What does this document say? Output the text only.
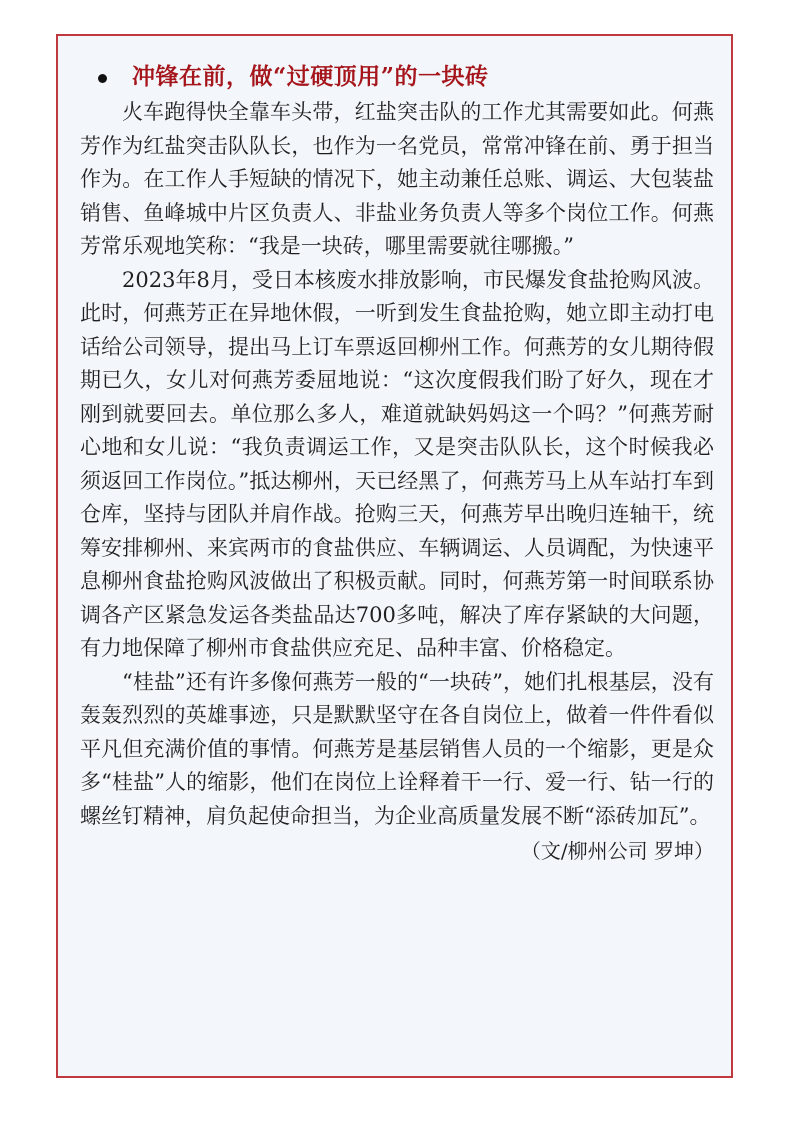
冲锋在前，做“过硬顶用”的一块砖

火车跑得快全靠车头带，红盐突击队的工作尤其需要如此。何燕芳作为红盐突击队队长，也作为一名党员，常常冲锋在前、勇于担当作为。在工作人手短缺的情况下，她主动兼任总账、调运、大包装盐销售、鱼峰城中片区负责人、非盐业务负责人等多个岗位工作。何燕芳常乐观地笑称：“我是一块砖，哪里需要就往哪搬。”

2023年8月，受日本核废水排放影响，市民爆发食盐抢购风波。此时，何燕芳正在异地休假，一听到发生食盐抢购，她立即主动打电话给公司领导，提出马上订车票返回柳州工作。何燕芳的女儿期待假期已久，女儿对何燕芳委屈地说：“这次度假我们盼了好久，现在才刚到就要回去。单位那么多人，难道就缺妈妈这一个吗？”何燕芳耐心地和女儿说：“我负责调运工作，又是突击队队长，这个时候我必须返回工作岗位。”抵达柳州，天已经黑了，何燕芳马上从车站打车到仓库，坚持与团队并肩作战。抢购三天，何燕芳早出晚归连轴干，统筹安排柳州、来宾两市的食盐供应、车辆调运、人员调配，为快速平息柳州食盐抢购风波做出了积极贡献。同时，何燕芳第一时间联系协调各产区紧急发运各类盐品达700多吨，解决了库存紧缺的大问题，有力地保障了柳州市食盐供应充足、品种丰富、价格稳定。

“桂盐”还有许多像何燕芳一般的“一块砖”，她们扎根基层，没有轰轰烈烈的英雄事迹，只是默默坚守在各自岗位上，做着一件件看似平凡但充满价值的事情。何燕芳是基层销售人员的一个缩影，更是众多“桂盐”人的缩影，他们在岗位上诠释着干一行、爱一行、钻一行的螺丝钉精神，肩负起使命担当，为企业高质量发展不断“添砖加瓦”。

（文/柳州公司 罗坤）
